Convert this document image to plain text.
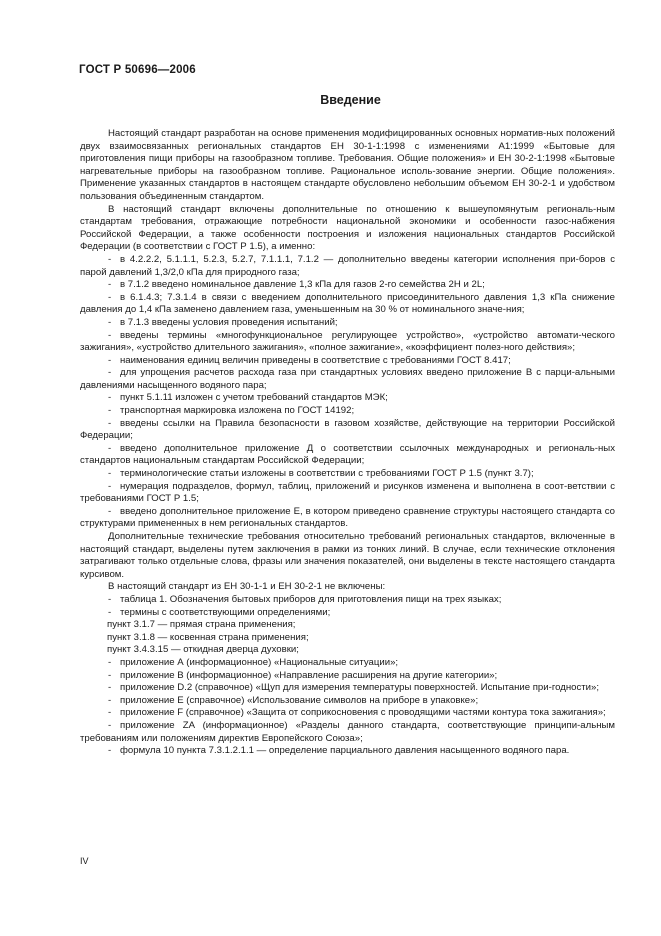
ГОСТ Р 50696—2006
Введение

Настоящий стандарт разработан на основе применения модифицированных основных норматив-ных положений двух взаимосвязанных региональных стандартов ЕН 30-1-1:1998 с изменениями А1:1999 «Бытовые для приготовления пищи приборы на газообразном топливе. Требования. Общие положения» и ЕН 30-2-1:1998 «Бытовые нагревательные приборы на газообразном топливе. Рациональное исполь-зование энергии. Общие положения». Применение указанных стандартов в настоящем стандарте обусловлено небольшим объемом ЕН 30-2-1 и удобством пользования объединенным стандартом.

В настоящий стандарт включены дополнительные по отношению к вышеупомянутым региональ-ным стандартам требования, отражающие потребности национальной экономики и особенности газос-набжения Российской Федерации, а также особенности построения и изложения национальных стандартов Российской Федерации (в соответствии с ГОСТ Р 1.5), а именно:

- в 4.2.2.2, 5.1.1.1, 5.2.3, 5.2.7, 7.1.1.1, 7.1.2 — дополнительно введены категории исполнения при-боров с парой давлений 1,3/2,0 кПа для природного газа;

- в 7.1.2 введено номинальное давление 1,3 кПа для газов 2-го семейства 2Н и 2L;

- в 6.1.4.3; 7.3.1.4 в связи с введением дополнительного присоединительного давления 1,3 кПа снижение давления до 1,4 кПа заменено давлением газа, уменьшенным на 30 % от номинального значе-ния;

- в 7.1.3 введены условия проведения испытаний;

- введены термины «многофункциональное регулирующее устройство», «устройство автомати-ческого зажигания», «устройство длительного зажигания», «полное зажигание», «коэффициент полез-ного действия»;

- наименования единиц величин приведены в соответствие с требованиями ГОСТ 8.417;

- для упрощения расчетов расхода газа при стандартных условиях введено приложение В с парци-альными давлениями насыщенного водяного пара;

- пункт 5.1.11 изложен с учетом требований стандартов МЭК;

- транспортная маркировка изложена по ГОСТ 14192;

- введены ссылки на Правила безопасности в газовом хозяйстве, действующие на территории Российской Федерации;

- введено дополнительное приложение Д о соответствии ссылочных международных и региональ-ных стандартов национальным стандартам Российской Федерации;

- терминологические статьи изложены в соответствии с требованиями ГОСТ Р 1.5 (пункт 3.7);

- нумерация подразделов, формул, таблиц, приложений и рисунков изменена и выполнена в соот-ветствии с требованиями ГОСТ Р 1.5;

- введено дополнительное приложение Е, в котором приведено сравнение структуры настоящего стандарта со структурами примененных в нем региональных стандартов.

Дополнительные технические требования относительно требований региональных стандартов, включенные в настоящий стандарт, выделены путем заключения в рамки из тонких линий. В случае, если технические отклонения затрагивают только отдельные слова, фразы или значения показателей, они выделены в тексте настоящего стандарта курсивом.

В настоящий стандарт из ЕН 30-1-1 и ЕН 30-2-1 не включены:

- таблица 1. Обозначения бытовых приборов для приготовления пищи на трех языках;

- термины с соответствующими определениями;

пункт 3.1.7 — прямая страна применения;

пункт 3.1.8 — косвенная страна применения;

пункт 3.4.3.15 — откидная дверца духовки;

- приложение А (информационное) «Национальные ситуации»;

- приложение В (информационное) «Направление расширения на другие категории»;

- приложение D.2 (справочное) «Щуп для измерения температуры поверхностей. Испытание при-годности»;

- приложение Е (справочное) «Использование символов на приборе в упаковке»;

- приложение F (справочное) «Защита от соприкосновения с проводящими частями контура тока зажигания»;

- приложение ZA (информационное) «Разделы данного стандарта, соответствующие принципи-альным требованиям или положениям директив Европейского Союза»;

- формула 10 пункта 7.3.1.2.1.1 — определение парциального давления насыщенного водяного пара.

IV
